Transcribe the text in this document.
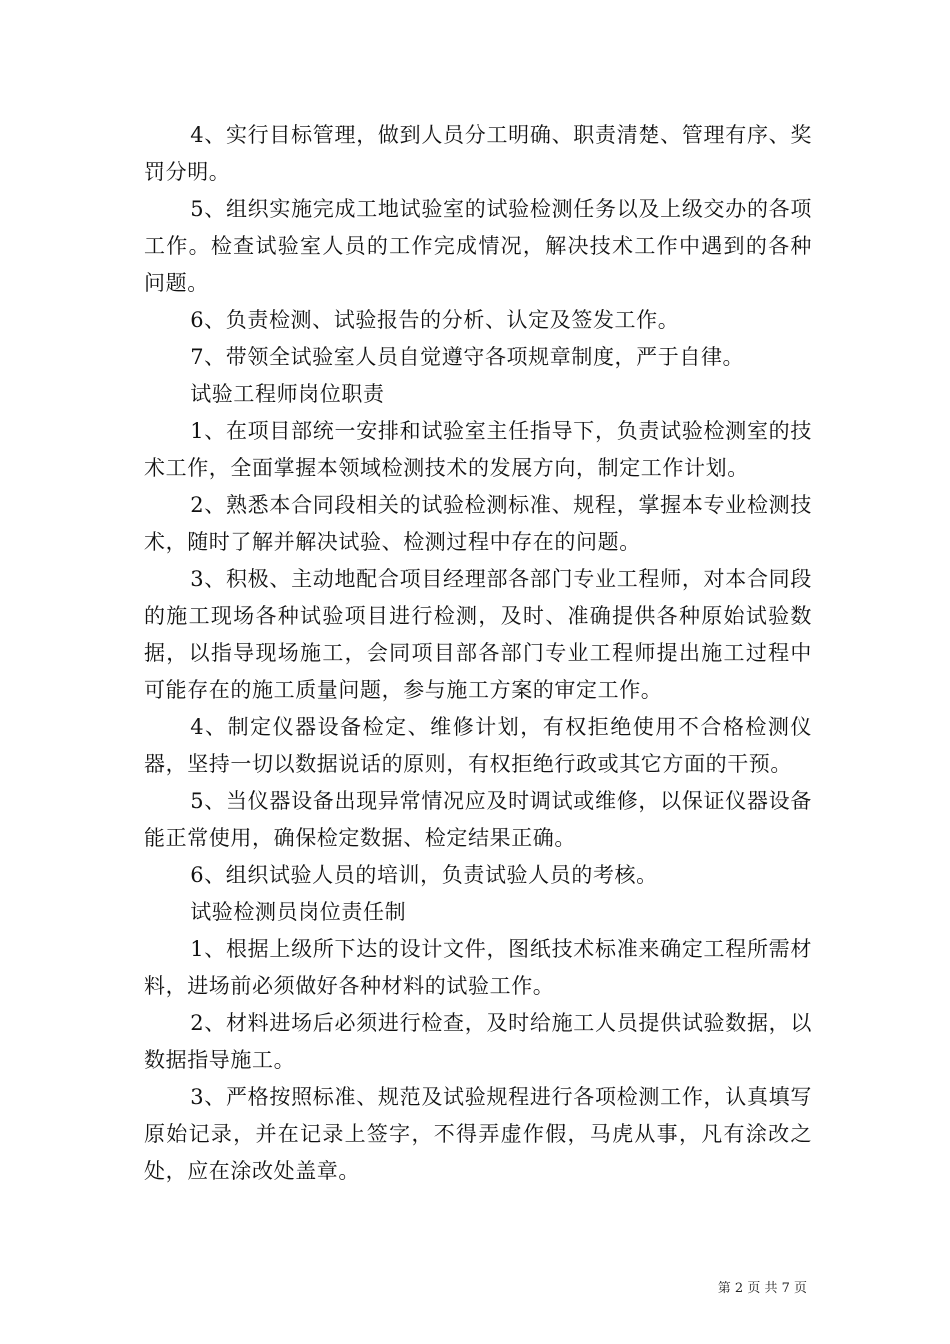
4、实行目标管理，做到人员分工明确、职责清楚、管理有序、奖罚分明。

5、组织实施完成工地试验室的试验检测任务以及上级交办的各项工作。检查试验室人员的工作完成情况，解决技术工作中遇到的各种问题。

6、负责检测、试验报告的分析、认定及签发工作。

7、带领全试验室人员自觉遵守各项规章制度，严于自律。

试验工程师岗位职责

1、在项目部统一安排和试验室主任指导下，负责试验检测室的技术工作，全面掌握本领域检测技术的发展方向，制定工作计划。

2、熟悉本合同段相关的试验检测标准、规程，掌握本专业检测技术，随时了解并解决试验、检测过程中存在的问题。

3、积极、主动地配合项目经理部各部门专业工程师，对本合同段的施工现场各种试验项目进行检测，及时、准确提供各种原始试验数据，以指导现场施工，会同项目部各部门专业工程师提出施工过程中可能存在的施工质量问题，参与施工方案的审定工作。

4、制定仪器设备检定、维修计划，有权拒绝使用不合格检测仪器，坚持一切以数据说话的原则，有权拒绝行政或其它方面的干预。

5、当仪器设备出现异常情况应及时调试或维修，以保证仪器设备能正常使用，确保检定数据、检定结果正确。

6、组织试验人员的培训，负责试验人员的考核。

试验检测员岗位责任制

1、根据上级所下达的设计文件，图纸技术标准来确定工程所需材料，进场前必须做好各种材料的试验工作。

2、材料进场后必须进行检查，及时给施工人员提供试验数据，以数据指导施工。

3、严格按照标准、规范及试验规程进行各项检测工作，认真填写原始记录，并在记录上签字，不得弄虚作假，马虎从事，凡有涂改之处，应在涂改处盖章。

第 2 页 共 7 页
